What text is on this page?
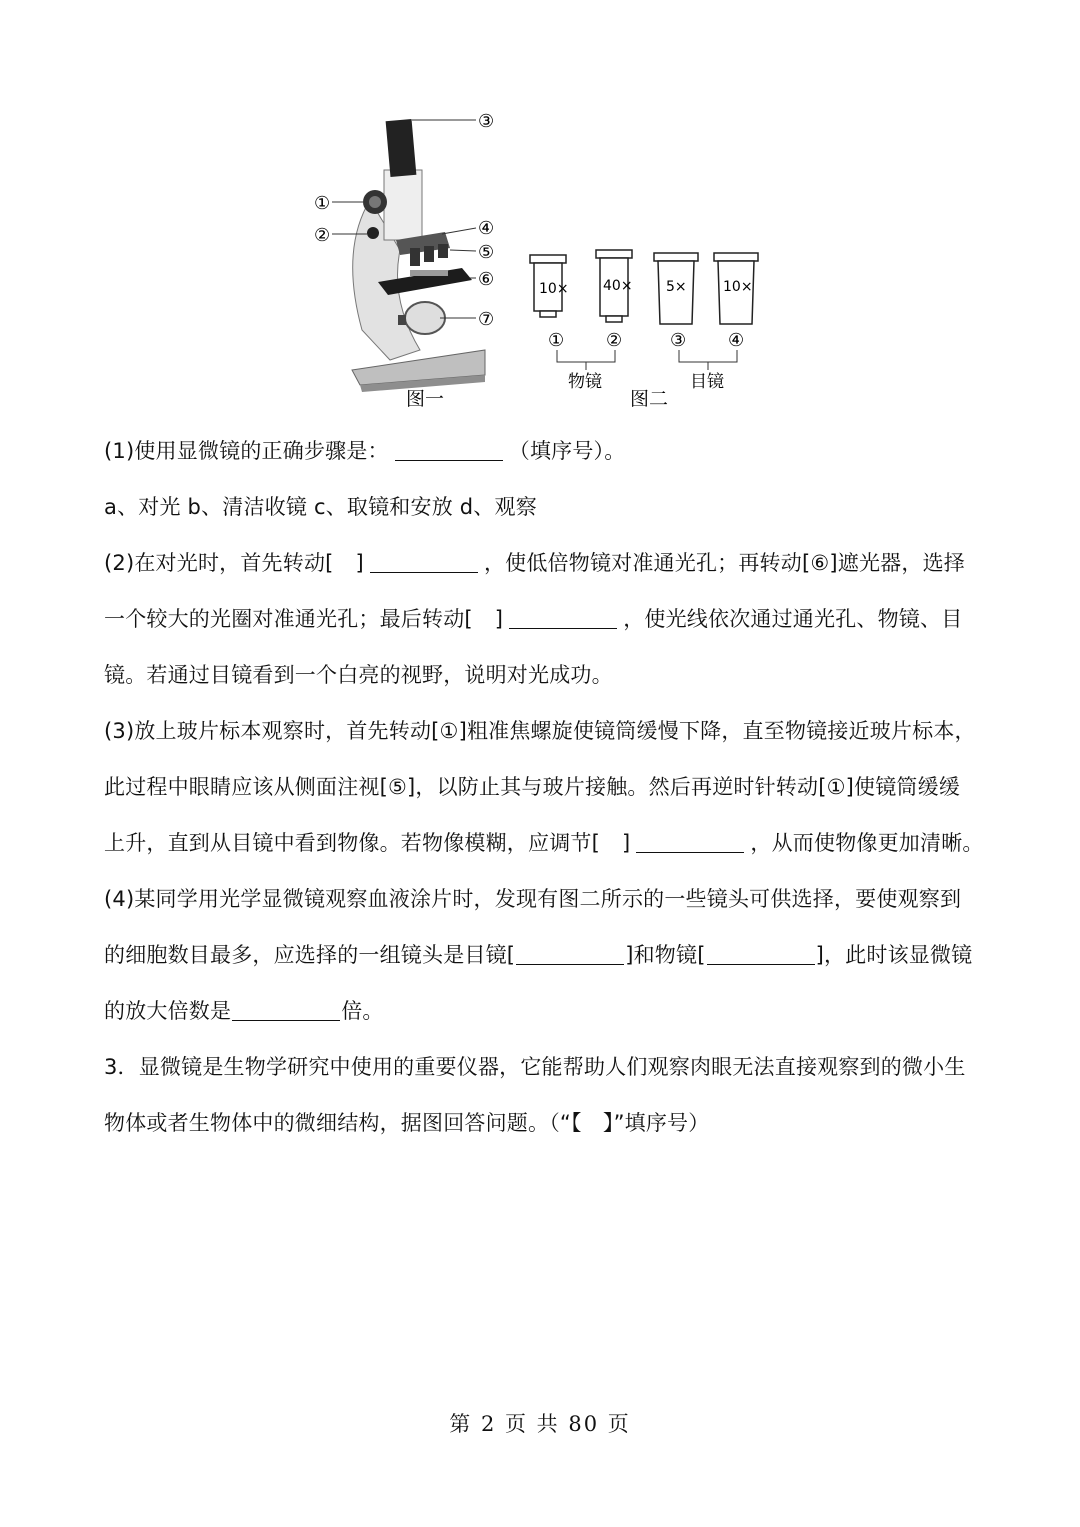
③
①
②	④
⑤
⑥
⑦
图一
10× 40× 5×	10×
① ②	③ ④
物镜	目镜
图二

(1)使用显微镜的正确步骤是：	（填序号）。

a、对光 b、清洁收镜 c、取镜和安放 d、观察

(2)在对光时，首先转动[ ]	，使低倍物镜对准通光孔；再转动[⑥]遮光器，选择

一个较大的光圈对准通光孔；最后转动[ ]	，使光线依次通过通光孔、物镜、目

镜。若通过目镜看到一个白亮的视野，说明对光成功。

(3)放上玻片标本观察时，首先转动[①]粗准焦螺旋使镜筒缓慢下降，直至物镜接近玻片标本，

此过程中眼睛应该从侧面注视[⑤]，以防止其与玻片接触。然后再逆时针转动[①]使镜筒缓缓

上升，直到从目镜中看到物像。若物像模糊，应调节[ ]	，从而使物像更加清晰。

(4)某同学用光学显微镜观察血液涂片时，发现有图二所示的一些镜头可供选择，要使观察到

的细胞数目最多，应选择的一组镜头是目镜[	]和物镜[	]，此时该显微镜

的放大倍数是	倍。

3．显微镜是生物学研究中使用的重要仪器，它能帮助人们观察肉眼无法直接观察到的微小生

物体或者生物体中的微细结构，据图回答问题。（“【　】”填序号）

第 2 页 共 80 页
